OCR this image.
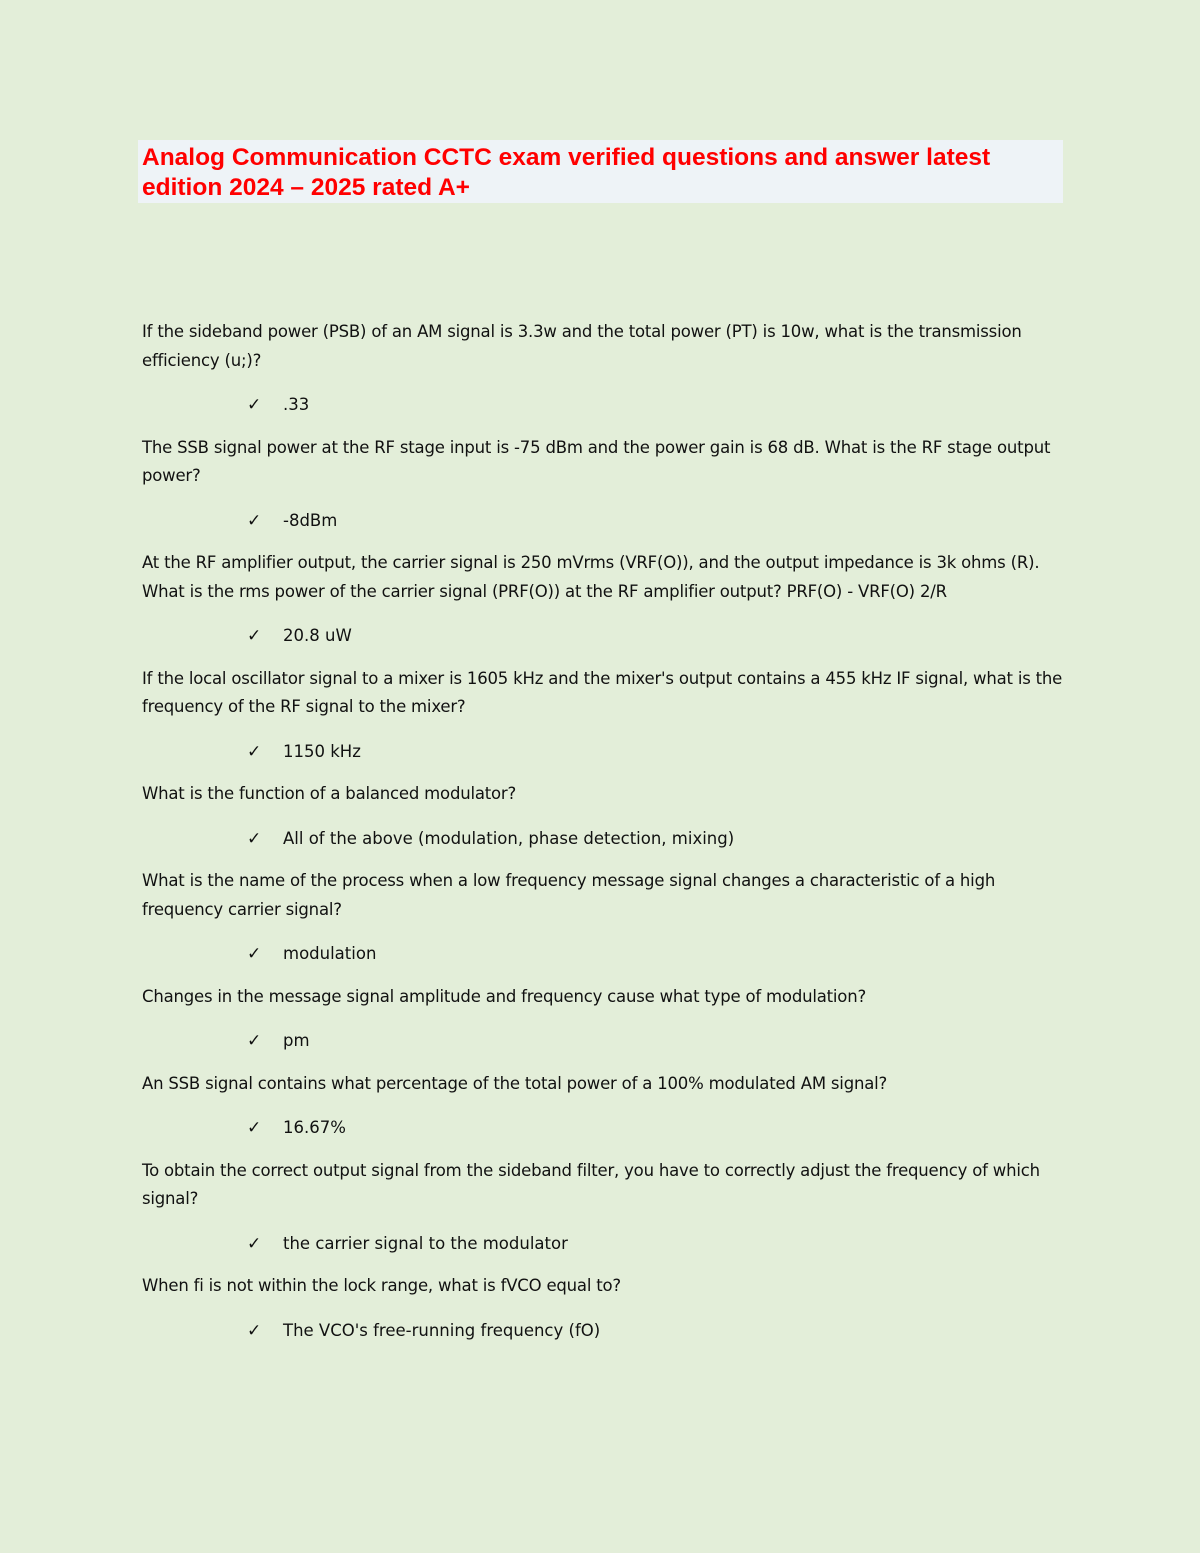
Analog Communication CCTC exam verified questions and answer latest edition 2024 – 2025 rated A+

If the sideband power (PSB) of an AM signal is 3.3w and the total power (PT) is 10w, what is the transmission efficiency (u;)?

✓	.33

The SSB signal power at the RF stage input is -75 dBm and the power gain is 68 dB. What is the RF stage output power?

✓	-8dBm

At the RF amplifier output, the carrier signal is 250 mVrms (VRF(O)), and the output impedance is 3k ohms (R). What is the rms power of the carrier signal (PRF(O)) at the RF amplifier output? PRF(O) - VRF(O) 2/R

✓	20.8 uW

If the local oscillator signal to a mixer is 1605 kHz and the mixer's output contains a 455 kHz IF signal, what is the frequency of the RF signal to the mixer?

✓	1150 kHz

What is the function of a balanced modulator?

✓	All of the above (modulation, phase detection, mixing)

What is the name of the process when a low frequency message signal changes a characteristic of a high frequency carrier signal?

✓	modulation

Changes in the message signal amplitude and frequency cause what type of modulation?

✓	pm

An SSB signal contains what percentage of the total power of a 100% modulated AM signal?

✓	16.67%

To obtain the correct output signal from the sideband filter, you have to correctly adjust the frequency of which signal?

✓	the carrier signal to the modulator

When fi is not within the lock range, what is fVCO equal to?

✓	The VCO's free-running frequency (fO)
